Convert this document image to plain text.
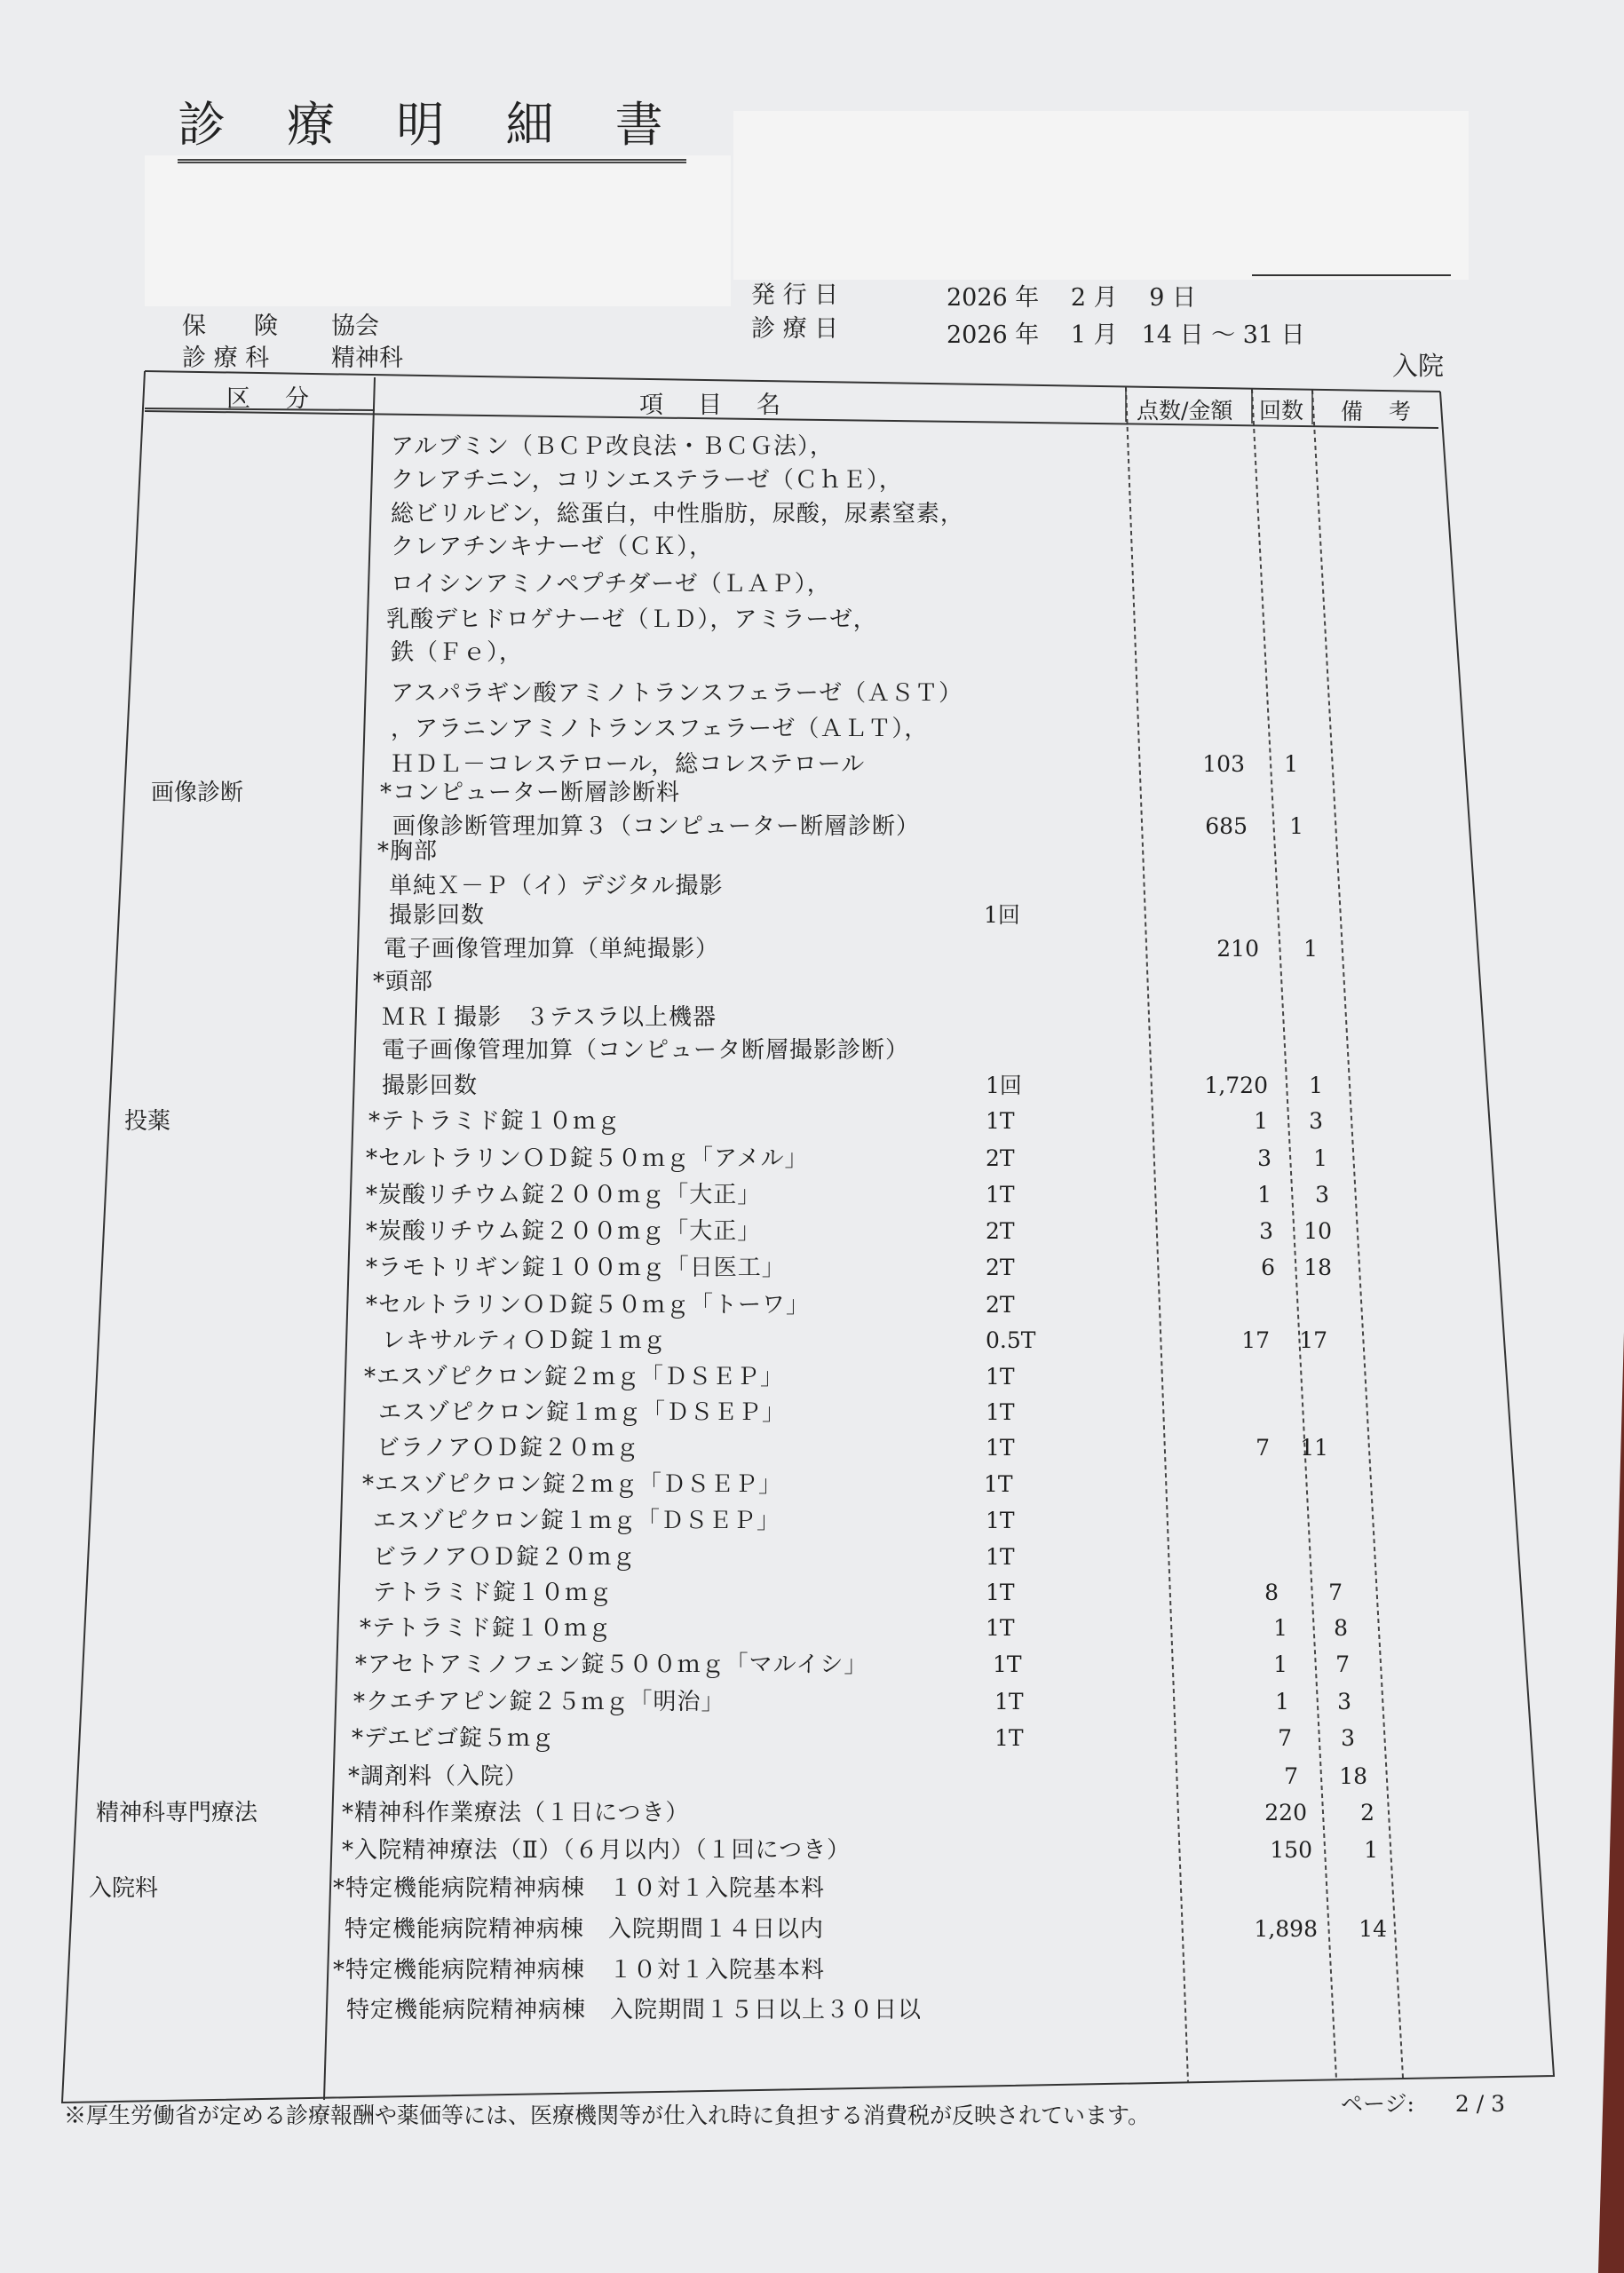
診 療 明 細 書
保　　険 協会
診 療 科	精神科
発 行 日	2026 年　 2 月　 9 日
診 療 日	2026 年　 1 月　14 日 ～ 31 日
入院
区　分	項　目　名	点数/金額 回数 備　考
アルブミン（ＢＣＰ改良法・ＢＣＧ法），
クレアチニン，コリンエステラーゼ（ＣｈＥ），
総ビリルビン，総蛋白，中性脂肪，尿酸，尿素窒素，
クレアチンキナーゼ（ＣＫ），
ロイシンアミノペプチダーゼ（ＬＡＰ），
乳酸デヒドロゲナーゼ（ＬＤ），アミラーゼ，
鉄（Ｆｅ），
アスパラギン酸アミノトランスフェラーゼ（ＡＳＴ）
，アラニンアミノトランスフェラーゼ（ＡＬＴ），
ＨＤＬ－コレステロール，総コレステロール	103	1
画像診断	*コンピューター断層診断料
画像診断管理加算３（コンピューター断層診断）	685	1
*胸部
単純Ｘ－Ｐ（イ）デジタル撮影
撮影回数	1回
電子画像管理加算（単純撮影）	210	1
*頭部
ＭＲＩ撮影　３テスラ以上機器
電子画像管理加算（コンピュータ断層撮影診断）
撮影回数	1回	1,720	1
投薬	*テトラミド錠１０ｍｇ	1T	1	3
*セルトラリンＯＤ錠５０ｍｇ「アメル」	2T	3	1
*炭酸リチウム錠２００ｍｇ「大正」	1T	1	3
*炭酸リチウム錠２００ｍｇ「大正」	2T	3	10
*ラモトリギン錠１００ｍｇ「日医工」	2T	6	18
*セルトラリンＯＤ錠５０ｍｇ「トーワ」	2T
レキサルティＯＤ錠１ｍｇ	0.5T	17	17
*エスゾピクロン錠２ｍｇ「ＤＳＥＰ」	1T
エスゾピクロン錠１ｍｇ「ＤＳＥＰ」	1T
ビラノアＯＤ錠２０ｍｇ	1T	7	11
*エスゾピクロン錠２ｍｇ「ＤＳＥＰ」	1T
エスゾピクロン錠１ｍｇ「ＤＳＥＰ」	1T
ビラノアＯＤ錠２０ｍｇ	1T
テトラミド錠１０ｍｇ	1T	8	7
*テトラミド錠１０ｍｇ	1T	1	8
*アセトアミノフェン錠５００ｍｇ「マルイシ」	1T	1	7
*クエチアピン錠２５ｍｇ「明治」	1T	1	3
*デエビゴ錠５ｍｇ	1T	7	3
*調剤料（入院）	7	18
精神科専門療法	*精神科作業療法（１日につき）	220	2
*入院精神療法（Ⅱ）（６月以内）（１回につき）	150	1
入院料	*特定機能病院精神病棟　１０対１入院基本料
特定機能病院精神病棟　入院期間１４日以内	1,898	14
*特定機能病院精神病棟　１０対１入院基本料
特定機能病院精神病棟　入院期間１５日以上３０日以
※厚生労働省が定める診療報酬や薬価等には、医療機関等が仕入れ時に負担する消費税が反映されています。	ページ: 2 / 3
